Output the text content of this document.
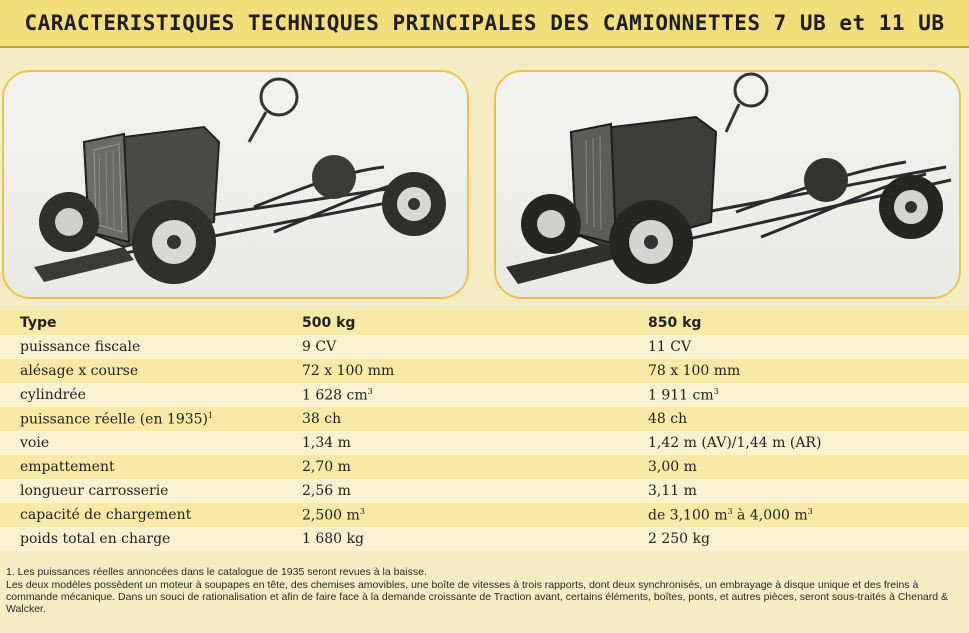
CARACTERISTIQUES TECHNIQUES PRINCIPALES DES CAMIONNETTES 7 UB et 11 UB
Type	500 kg	850 kg
puissance fiscale	9 CV	11 CV
alésage x course	72 x 100 mm	78 x 100 mm
cylindrée	1 628 $cm^3$	1 911 $cm^3$
puissance réelle (en 1935)$^1$	38 ch	48 ch
voie	1,34 m	1,42 m (AV)/1,44 m (AR)
empattement	2,70 m	3,00 m
longueur carrosserie	2,56 m	3,11 m
capacité de chargement	2,500 $m^3$	de 3,100 $m^3$ à 4,000 $m^3$
poids total en charge	1 680 kg	2 250 kg

1. Les puissances réelles annoncées dans le catalogue de 1935 seront revues à la baisse.

Les deux modèles possèdent un moteur à soupapes en tête, des chemises amovibles, une boîte de vitesses à trois rapports, dont deux synchronisés, un embrayage à disque unique et des freins à commande mécanique. Dans un souci de rationalisation et afin de faire face à la demande croissante de Traction avant, certains éléments, boîtes, ponts, et autres pièces, seront sous-traités à Chenard & Walcker.
